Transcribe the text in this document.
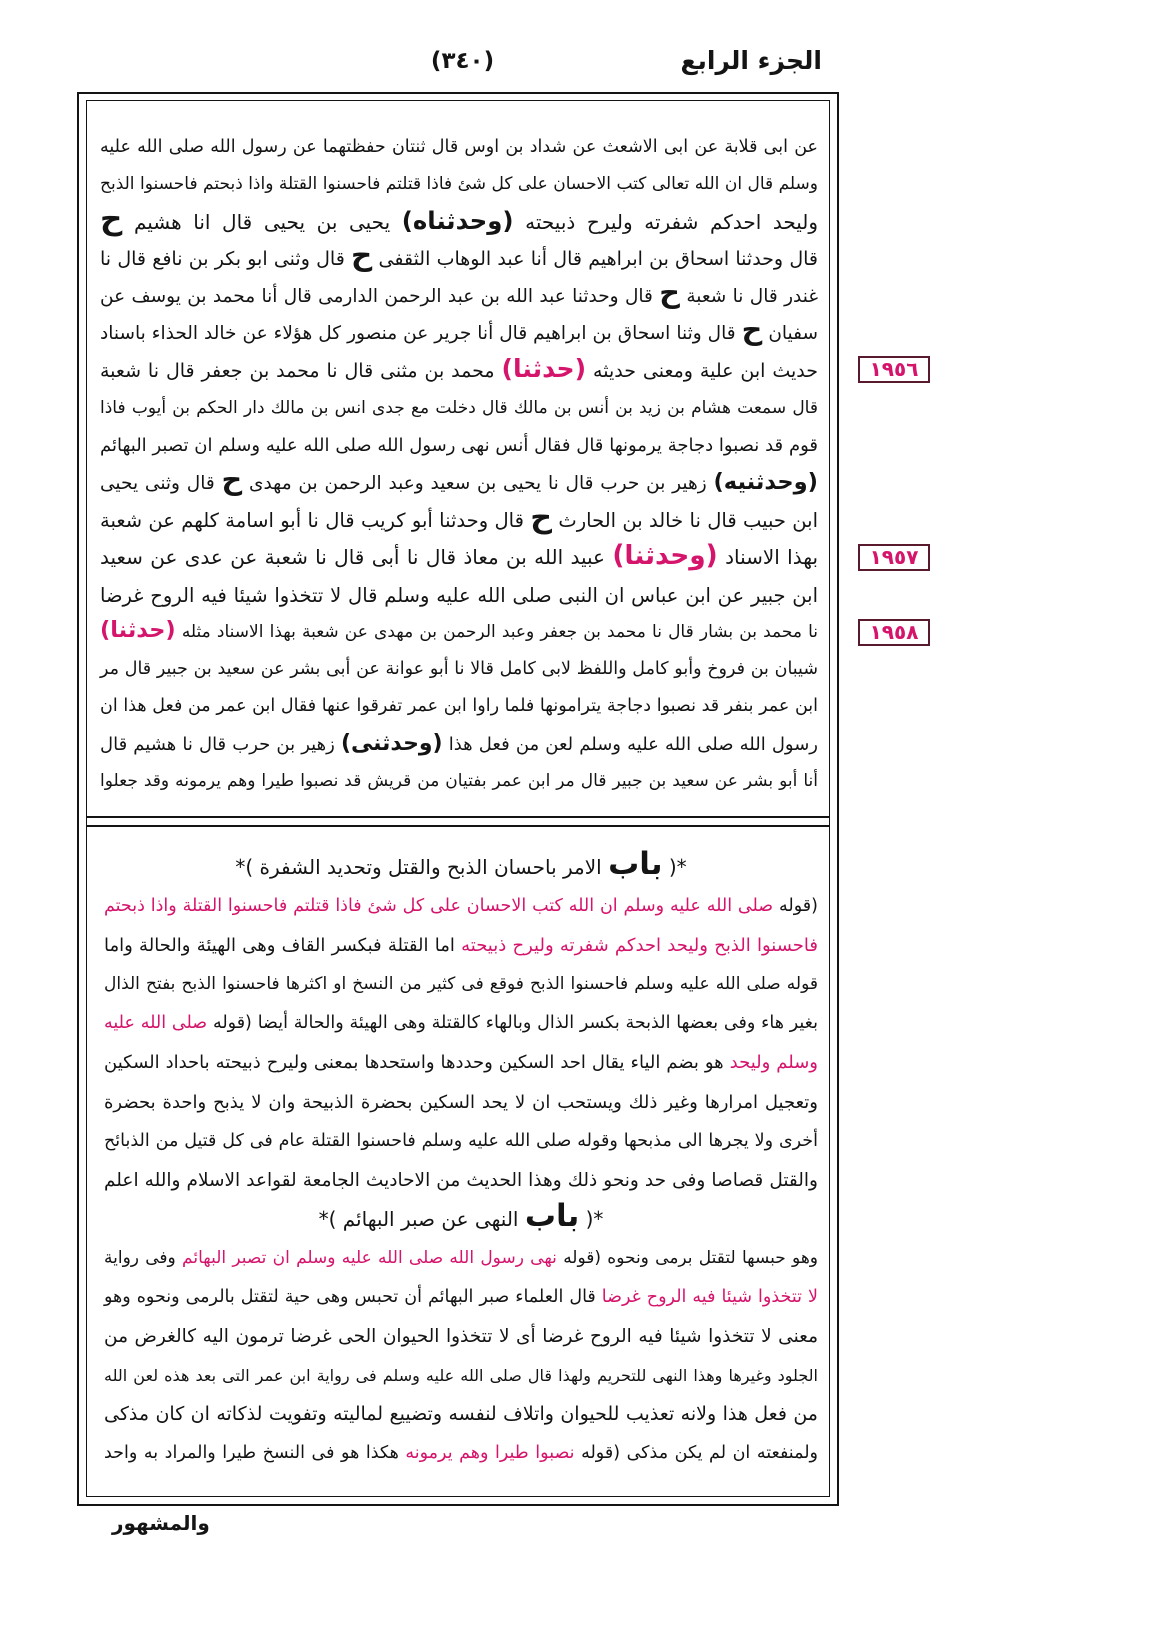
الجزء الرابع
(٣٤٠)
عن ابى قلابة عن ابى الاشعث عن شداد بن اوس قال ثنتان حفظتهما عن رسول الله صلى الله عليه
وسلم قال ان الله تعالى كتب الاحسان على كل شئ فاذا قتلتم فاحسنوا القتلة واذا ذبحتم فاحسنوا الذبح
وليحد احدكم شفرته وليرح ذبيحته (وحدثناه) يحيى بن يحيى قال انا هشيم ح
قال وحدثنا اسحاق بن ابراهيم قال أنا عبد الوهاب الثقفى ح قال وثنى ابو بكر بن نافع قال نا
غندر قال نا شعبة ح قال وحدثنا عبد الله بن عبد الرحمن الدارمى قال أنا محمد بن يوسف عن
سفيان ح قال وثنا اسحاق بن ابراهيم قال أنا جرير عن منصور كل هؤلاء عن خالد الحذاء باسناد
حديث ابن علية ومعنى حديثه (حدثنا) محمد بن مثنى قال نا محمد بن جعفر قال نا شعبة
قال سمعت هشام بن زيد بن أنس بن مالك قال دخلت مع جدى انس بن مالك دار الحكم بن أيوب فاذا
قوم قد نصبوا دجاجة يرمونها قال فقال أنس نهى رسول الله صلى الله عليه وسلم ان تصبر البهائم
(وحدثنيه) زهير بن حرب قال نا يحيى بن سعيد وعبد الرحمن بن مهدى ح قال وثنى يحيى
ابن حبيب قال نا خالد بن الحارث ح قال وحدثنا أبو كريب قال نا أبو اسامة كلهم عن شعبة
بهذا الاسناد (وحدثنا) عبيد الله بن معاذ قال نا أبى قال نا شعبة عن عدى عن سعيد
ابن جبير عن ابن عباس ان النبى صلى الله عليه وسلم قال لا تتخذوا شيئا فيه الروح غرضا
نا محمد بن بشار قال نا محمد بن جعفر وعبد الرحمن بن مهدى عن شعبة بهذا الاسناد مثله (حدثنا)
شيبان بن فروخ وأبو كامل واللفظ لابى كامل قالا نا أبو عوانة عن أبى بشر عن سعيد بن جبير قال مر
ابن عمر بنفر قد نصبوا دجاجة يترامونها فلما راوا ابن عمر تفرقوا عنها فقال ابن عمر من فعل هذا ان
رسول الله صلى الله عليه وسلم لعن من فعل هذا (وحدثنى) زهير بن حرب قال نا هشيم قال
أنا أبو بشر عن سعيد بن جبير قال مر ابن عمر بفتيان من قريش قد نصبوا طيرا وهم يرمونه وقد جعلوا
١٩٥٦
١٩٥٧
١٩٥٨
*( باب الامر باحسان الذبح والقتل وتحديد الشفرة )*
(قوله صلى الله عليه وسلم ان الله كتب الاحسان على كل شئ فاذا قتلتم فاحسنوا القتلة واذا ذبحتم
فاحسنوا الذبح وليحد احدكم شفرته وليرح ذبيحته اما القتلة فبكسر القاف وهى الهيئة والحالة واما
قوله صلى الله عليه وسلم فاحسنوا الذبح فوقع فى كثير من النسخ او اكثرها فاحسنوا الذبح بفتح الذال
بغير هاء وفى بعضها الذبحة بكسر الذال وبالهاء كالقتلة وهى الهيئة والحالة أيضا (قوله صلى الله عليه
وسلم وليحد هو بضم الياء يقال احد السكين وحددها واستحدها بمعنى وليرح ذبيحته باحداد السكين
وتعجيل امرارها وغير ذلك ويستحب ان لا يحد السكين بحضرة الذبيحة وان لا يذبح واحدة بحضرة
أخرى ولا يجرها الى مذبحها وقوله صلى الله عليه وسلم فاحسنوا القتلة عام فى كل قتيل من الذبائح
والقتل قصاصا وفى حد ونحو ذلك وهذا الحديث من الاحاديث الجامعة لقواعد الاسلام والله اعلم
*( باب النهى عن صبر البهائم )*
وهو حبسها لتقتل برمى ونحوه (قوله نهى رسول الله صلى الله عليه وسلم ان تصبر البهائم وفى رواية
لا تتخذوا شيئا فيه الروح غرضا قال العلماء صبر البهائم أن تحبس وهى حية لتقتل بالرمى ونحوه وهو
معنى لا تتخذوا شيئا فيه الروح غرضا أى لا تتخذوا الحيوان الحى غرضا ترمون اليه كالغرض من
الجلود وغيرها وهذا النهى للتحريم ولهذا قال صلى الله عليه وسلم فى رواية ابن عمر التى بعد هذه لعن الله
من فعل هذا ولانه تعذيب للحيوان واتلاف لنفسه وتضييع لماليته وتفويت لذكاته ان كان مذكى
ولمنفعته ان لم يكن مذكى (قوله نصبوا طيرا وهم يرمونه هكذا هو فى النسخ طيرا والمراد به واحد
والمشهور
